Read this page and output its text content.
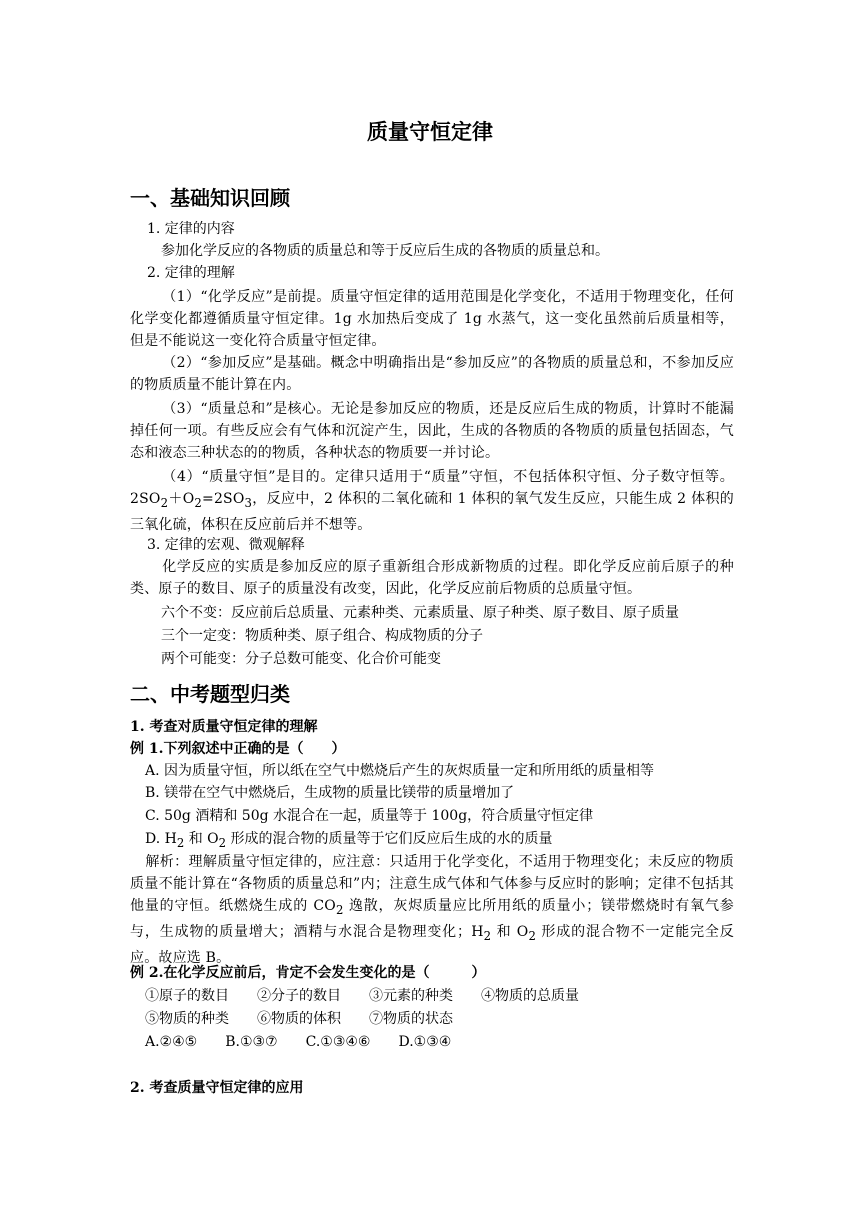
质量守恒定律
一、基础知识回顾
1. 定律的内容
参加化学反应的各物质的质量总和等于反应后生成的各物质的质量总和。
2. 定律的理解
（1）“化学反应”是前提。质量守恒定律的适用范围是化学变化，不适用于物理变化，任何化学变化都遵循质量守恒定律。1g 水加热后变成了 1g 水蒸气，这一变化虽然前后质量相等，但是不能说这一变化符合质量守恒定律。
（2）“参加反应”是基础。概念中明确指出是“参加反应”的各物质的质量总和，不参加反应的物质质量不能计算在内。
（3）“质量总和”是核心。无论是参加反应的物质，还是反应后生成的物质，计算时不能漏掉任何一项。有些反应会有气体和沉淀产生，因此，生成的各物质的各物质的质量包括固态，气态和液态三种状态的的物质，各种状态的物质要一并讨论。
（4）“质量守恒”是目的。定律只适用于“质量”守恒，不包括体积守恒、分子数守恒等。$2SO_2+O_2=2SO_3$，反应中，2 体积的二氧化硫和 1 体积的氧气发生反应，只能生成 2 体积的三氧化硫，体积在反应前后并不想等。
3. 定律的宏观、微观解释
化学反应的实质是参加反应的原子重新组合形成新物质的过程。即化学反应前后原子的种类、原子的数目、原子的质量没有改变，因此，化学反应前后物质的总质量守恒。
六个不变：反应前后总质量、元素种类、元素质量、原子种类、原子数目、原子质量
三个一定变：物质种类、原子组合、构成物质的分子
两个可能变：分子总数可能变、化合价可能变
二、中考题型归类
1. 考查对质量守恒定律的理解
例 1.下列叙述中正确的是（　　）
A. 因为质量守恒，所以纸在空气中燃烧后产生的灰烬质量一定和所用纸的质量相等
B. 镁带在空气中燃烧后，生成物的质量比镁带的质量增加了
C. 50g 酒精和 50g 水混合在一起，质量等于 100g，符合质量守恒定律
D. $H_2$ 和 $O_2$ 形成的混合物的质量等于它们反应后生成的水的质量
解析：理解质量守恒定律的，应注意：只适用于化学变化，不适用于物理变化；未反应的物质质量不能计算在“各物质的质量总和”内；注意生成气体和气体参与反应时的影响；定律不包括其他量的守恒。纸燃烧生成的 $CO_2$ 逸散，灰烬质量应比所用纸的质量小；镁带燃烧时有氧气参与，生成物的质量增大；酒精与水混合是物理变化；$H_2$ 和 $O_2$ 形成的混合物不一定能完全反应。故应选 B。
例 2.在化学反应前后，肯定不会发生变化的是（　　　）
①原子的数目　　②分子的数目　　③元素的种类　　④物质的总质量
⑤物质的种类　　⑥物质的体积　　⑦物质的状态
A.②④⑤　　B.①③⑦　　C.①③④⑥　　D.①③④
2. 考查质量守恒定律的应用
